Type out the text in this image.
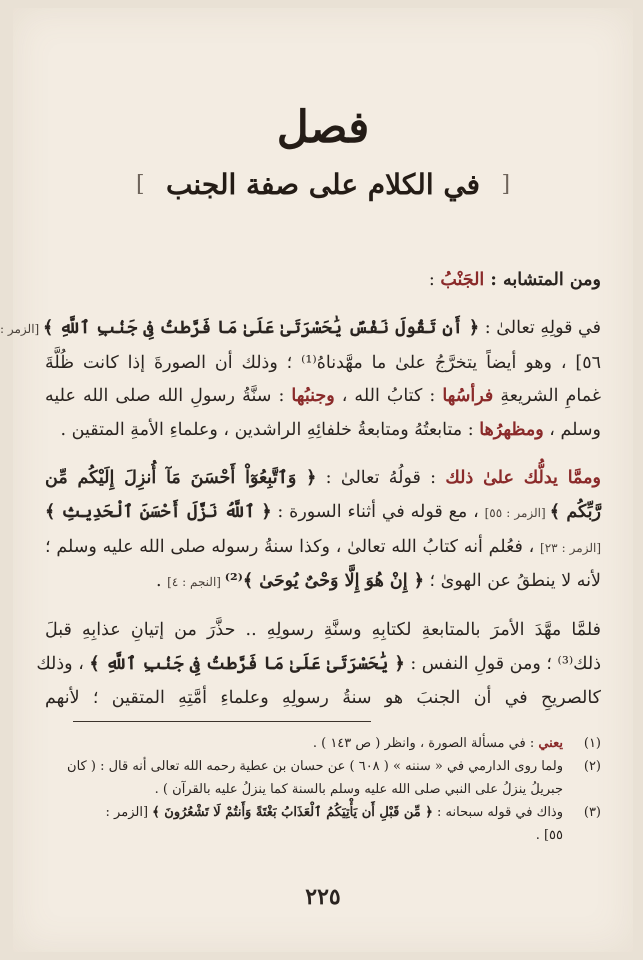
فصل
[
في الكلام على صفة الجنب
]
ومن المتشابه : الجَنْبُ :
في قولِهِ تعالىٰ : ﴿ أَن تَقُولَ نَفْسٌ يَٰحَسْرَتَىٰ عَلَىٰ مَا فَرَّطتُ فِى جَنۢبِ ٱللَّهِ ﴾ [الزمر :
٥٦] ، وهو أيضاً يتخرَّجُ علىٰ ما مهَّدناهُ⁽¹⁾ ؛ وذلك أن الصورةَ إذا كانت ظُلَّةَ
غمامِ الشريعةِ فرأسُها : كتابُ الله ، وجنبُها : سنَّةُ رسولِ الله صلى الله عليه
وسلم ، ومظهرُها : متابعتُهُ ومتابعةُ خلفائِهِ الراشدين ، وعلماءِ الأمةِ المتقين .
وممَّا يدلُّك علىٰ ذلك : قولُهُ تعالىٰ : ﴿ وَٱتَّبِعُوٓاْ أَحْسَنَ مَآ أُنزِلَ إِلَيْكُم مِّن
رَّبِّكُم ﴾ [الزمر : ٥٥] ، مع قوله في أثناء السورة : ﴿ ٱللَّهُ نَزَّلَ أَحْسَنَ ٱلْحَدِيثِ ﴾
[الزمر : ٢٣] ، فعُلم أنه كتابُ الله تعالىٰ ، وكذا سنةُ رسوله صلى الله عليه وسلم ؛
لأنه لا ينطقُ عن الهوىٰ ؛ ﴿ إِنْ هُوَ إِلَّا وَحْىٌ يُوحَىٰ ﴾⁽²⁾ [النجم : ٤] .
فلمَّا مهَّدَ الأمرَ بالمتابعةِ لكتابِهِ وسنَّةِ رسولِهِ .. حذَّرَ من إتيانِ عذابِهِ قبلَ
ذلك⁽³⁾ ؛ ومن قولِ النفس : ﴿ يَٰحَسْرَتَىٰ عَلَىٰ مَا فَرَّطتُ فِى جَنۢبِ ٱللَّهِ ﴾ ، وذلك
كالصريحِ في أن الجنبَ هو سنةُ رسولِهِ وعلماءِ أمَّتِهِ المتقين ؛ لأنهم
(١)يعني : في مسألة الصورة ، وانظر ( ص ١٤٣ ) .
(٢)ولما روى الدارمي في « سننه » ( ٦٠٨ ) عن حسان بن عطية رحمه الله تعالى أنه قال : ( كان
جبريلُ ينزلُ على النبي صلى الله عليه وسلم بالسنة كما ينزلُ عليه بالقرآن ) .
(٣)وذاك في قوله سبحانه : ﴿ مِّن قَبْلِ أَن يَأْتِيَكُمُ ٱلْعَذَابُ بَغْتَةً وَأَنتُمْ لَا تَشْعُرُونَ ﴾ [الزمر :
٥٥] .
٢٢٥
